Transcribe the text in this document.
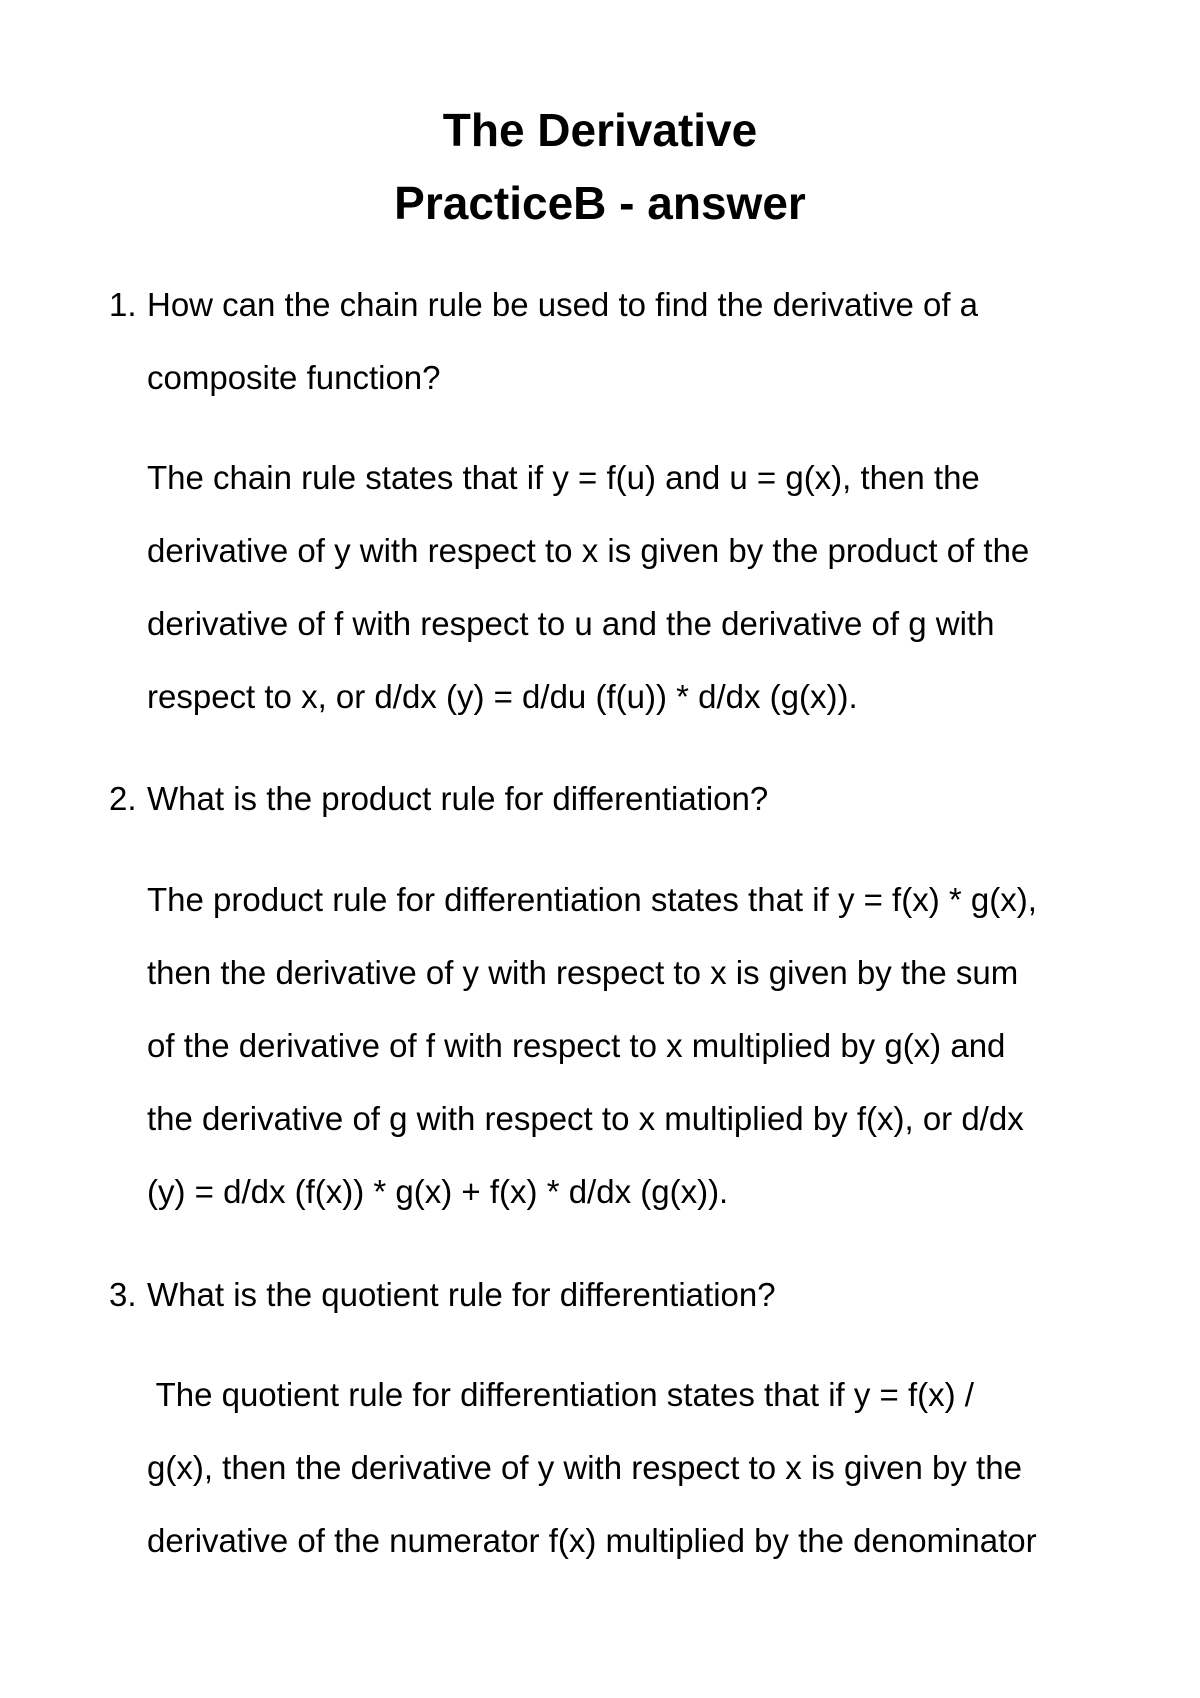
The Derivative
PracticeB - answer
1. How can the chain rule be used to find the derivative of a

composite function?

The chain rule states that if y = f(u) and u = g(x), then the

derivative of y with respect to x is given by the product of the

derivative of f with respect to u and the derivative of g with

respect to x, or d/dx (y) = d/du (f(u)) * d/dx (g(x)).

2. What is the product rule for differentiation?

The product rule for differentiation states that if y = f(x) * g(x),

then the derivative of y with respect to x is given by the sum

of the derivative of f with respect to x multiplied by g(x) and

the derivative of g with respect to x multiplied by f(x), or d/dx

(y) = d/dx (f(x)) * g(x) + f(x) * d/dx (g(x)).

3. What is the quotient rule for differentiation?

The quotient rule for differentiation states that if y = f(x) /

g(x), then the derivative of y with respect to x is given by the

derivative of the numerator f(x) multiplied by the denominator
